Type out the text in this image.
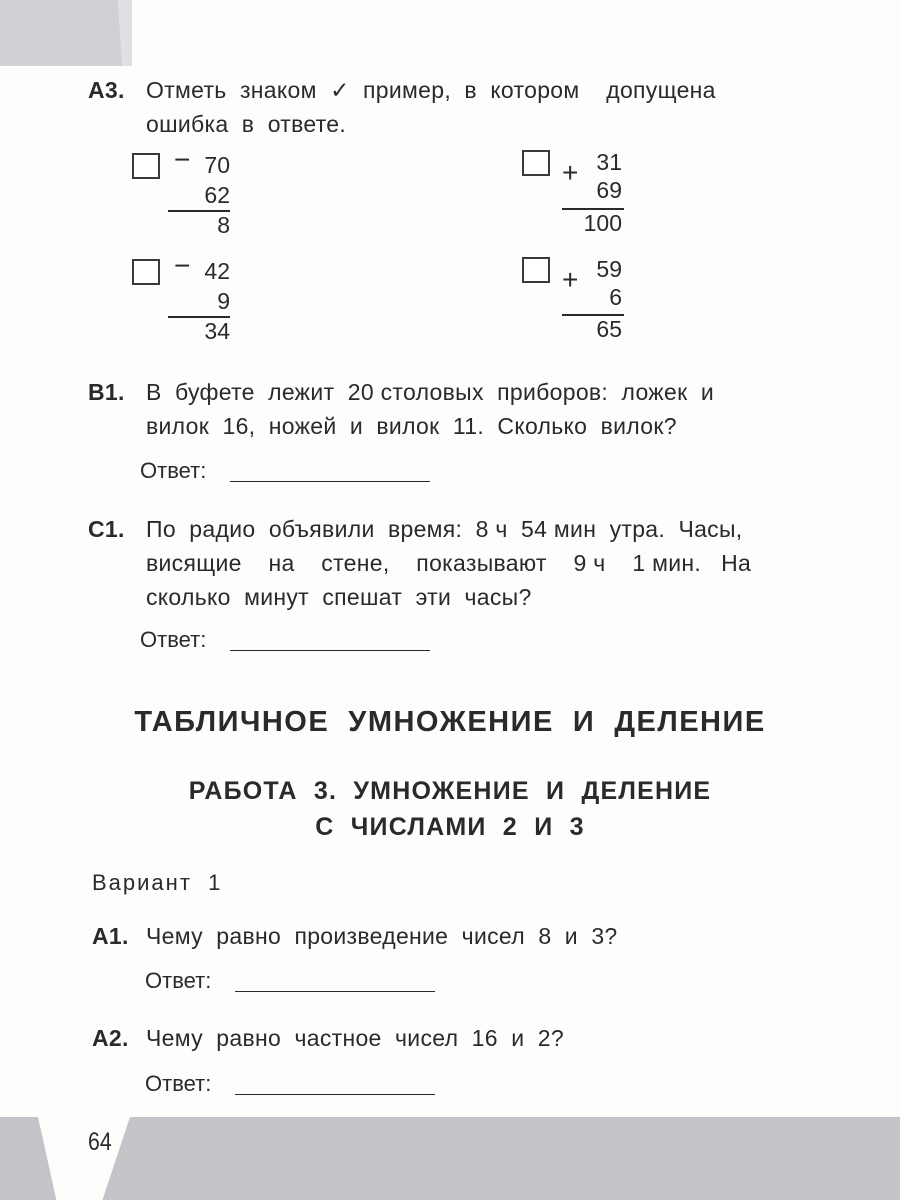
А3. Отметь  знаком  ✓  пример,  в  котором    допущена
ошибка  в  ответе.
− 70
62
8
+ 31
69
100
− 42
9
34
+ 59
6
65
В1. В  буфете  лежит  20 столовых  приборов:  ложек  и
вилок  16,  ножей  и  вилок  11.  Сколько  вилок?
Ответ:
С1. По  радио  объявили  время:  8 ч  54 мин  утра.  Часы,
висящие    на    стене,    показывают    9 ч    1 мин.   На
сколько  минут  спешат  эти  часы?
Ответ:
ТАБЛИЧНОЕ  УМНОЖЕНИЕ  И  ДЕЛЕНИЕ
РАБОТА  3.  УМНОЖЕНИЕ  И  ДЕЛЕНИЕ
С  ЧИСЛАМИ  2  И  3
Вариант  1
А1. Чему  равно  произведение  чисел  8  и  3?
Ответ:
А2. Чему  равно  частное  чисел  16  и  2?
Ответ:
64
